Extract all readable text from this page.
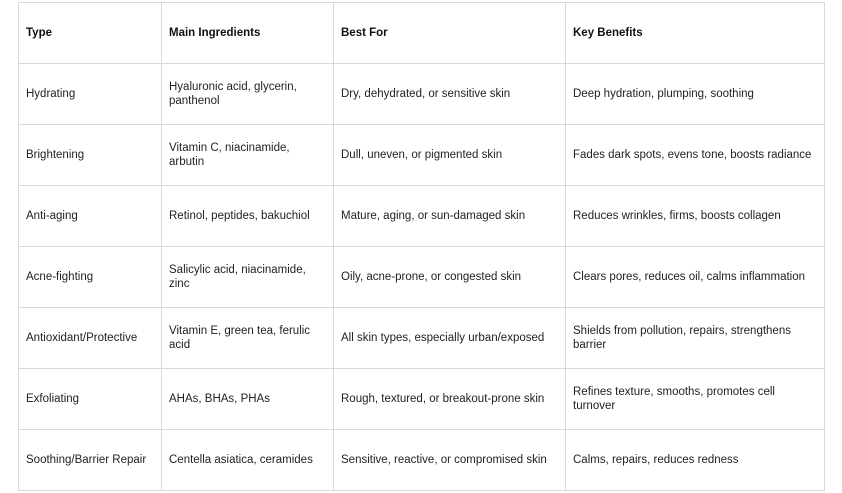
Type	Main Ingredients	Best For	Key Benefits
Hydrating	Hyaluronic acid, glycerin, panthenol	Dry, dehydrated, or sensitive skin	Deep hydration, plumping, soothing
Brightening	Vitamin C, niacinamide, arbutin	Dull, uneven, or pigmented skin	Fades dark spots, evens tone, boosts radiance
Anti-aging	Retinol, peptides, bakuchiol	Mature, aging, or sun-damaged skin	Reduces wrinkles, firms, boosts collagen
Acne-fighting	Salicylic acid, niacinamide, zinc	Oily, acne-prone, or congested skin	Clears pores, reduces oil, calms inflammation
Antioxidant/Protective	Vitamin E, green tea, ferulic acid	All skin types, especially urban/exposed	Shields from pollution, repairs, strengthens barrier
Exfoliating	AHAs, BHAs, PHAs	Rough, textured, or breakout-prone skin	Refines texture, smooths, promotes cell turnover
Soothing/Barrier Repair	Centella asiatica, ceramides	Sensitive, reactive, or compromised skin	Calms, repairs, reduces redness
